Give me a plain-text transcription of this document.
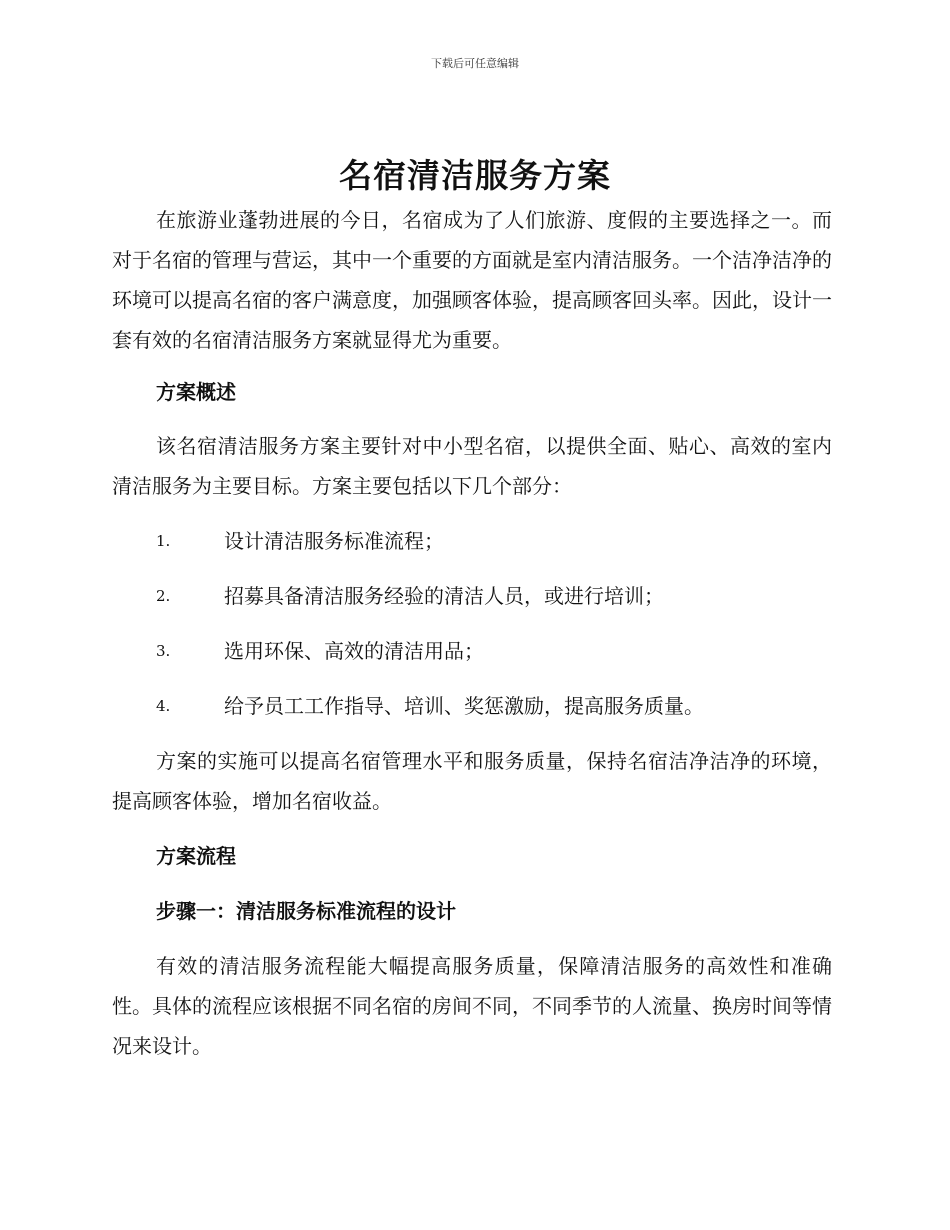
下载后可任意编辑
名宿清洁服务方案

在旅游业蓬勃进展的今日，名宿成为了人们旅游、度假的主要选择之一。而对于名宿的管理与营运，其中一个重要的方面就是室内清洁服务。一个洁净洁净的环境可以提高名宿的客户满意度，加强顾客体验，提高顾客回头率。因此，设计一套有效的名宿清洁服务方案就显得尤为重要。

方案概述

该名宿清洁服务方案主要针对中小型名宿，以提供全面、贴心、高效的室内清洁服务为主要目标。方案主要包括以下几个部分：

1.	设计清洁服务标准流程；
2.	招募具备清洁服务经验的清洁人员，或进行培训；
3.	选用环保、高效的清洁用品；
4.	给予员工工作指导、培训、奖惩激励，提高服务质量。

方案的实施可以提高名宿管理水平和服务质量，保持名宿洁净洁净的环境，提高顾客体验，增加名宿收益。

方案流程

步骤一：清洁服务标准流程的设计

有效的清洁服务流程能大幅提高服务质量，保障清洁服务的高效性和准确性。具体的流程应该根据不同名宿的房间不同，不同季节的人流量、换房时间等情况来设计。
